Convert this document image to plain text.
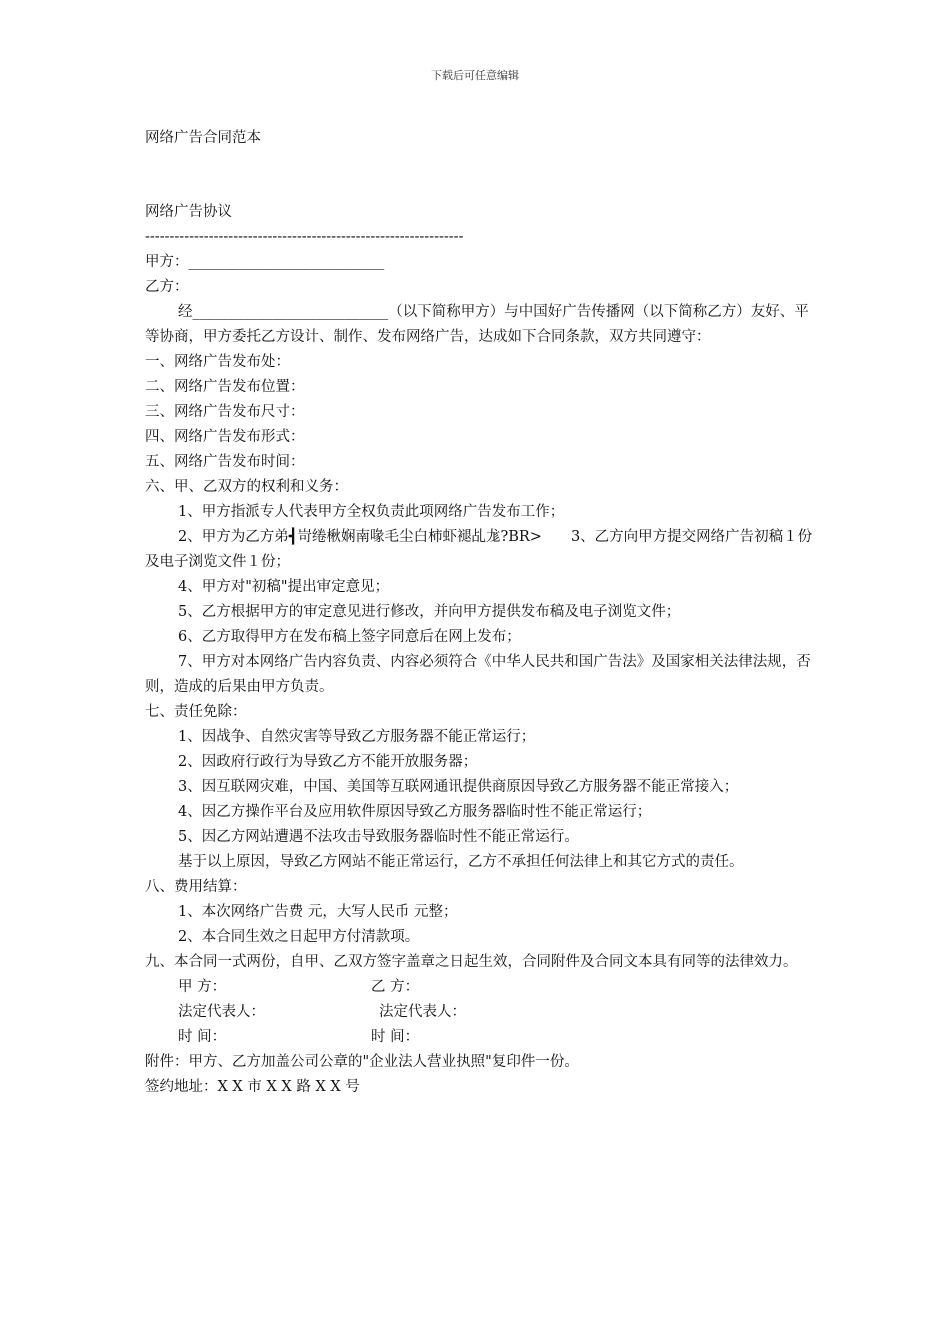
下载后可任意编辑
网络广告合同范本
网络广告协议
-----------------------------------------------------------------
甲方：___________________________
乙方：
经___________________________（以下简称甲方）与中国好广告传播网（以下简称乙方）友好、平等协商，甲方委托乙方设计、制作、发布网络广告，达成如下合同条款，双方共同遵守：
一、网络广告发布处：
二、网络广告发布位置：
三、网络广告发布尺寸：
四、网络广告发布形式：
五、网络广告发布时间：
六、甲、乙双方的权利和义务：
1、甲方指派专人代表甲方全权负责此项网络广告发布工作；
2、甲方为乙方弟┫岢绻楸娴南喙毛尘白柿虾褪乩尨?BR>　　3、乙方向甲方提交网络广告初稿１份及电子浏览文件１份；
4、甲方对"初稿"提出审定意见；
5、乙方根据甲方的审定意见进行修改，并向甲方提供发布稿及电子浏览文件；
6、乙方取得甲方在发布稿上签字同意后在网上发布；
7、甲方对本网络广告内容负责、内容必须符合《中华人民共和国广告法》及国家相关法律法规，否则，造成的后果由甲方负责。
七、责任免除：
1、因战争、自然灾害等导致乙方服务器不能正常运行；
2、因政府行政行为导致乙方不能开放服务器；
3、因互联网灾难，中国、美国等互联网通讯提供商原因导致乙方服务器不能正常接入；
4、因乙方操作平台及应用软件原因导致乙方服务器临时性不能正常运行；
5、因乙方网站遭遇不法攻击导致服务器临时性不能正常运行。
基于以上原因，导致乙方网站不能正常运行，乙方不承担任何法律上和其它方式的责任。
八、费用结算：
1、本次网络广告费 元，大写人民币 元整；
2、本合同生效之日起甲方付清款项。
九、本合同一式两份，自甲、乙双方签字盖章之日起生效，合同附件及合同文本具有同等的法律效力。
甲 方：	乙 方：
法定代表人：	法定代表人：
时 间：	时 间：
附件：甲方、乙方加盖公司公章的"企业法人营业执照"复印件一份。
签约地址：X X 市 X X 路 X X 号
